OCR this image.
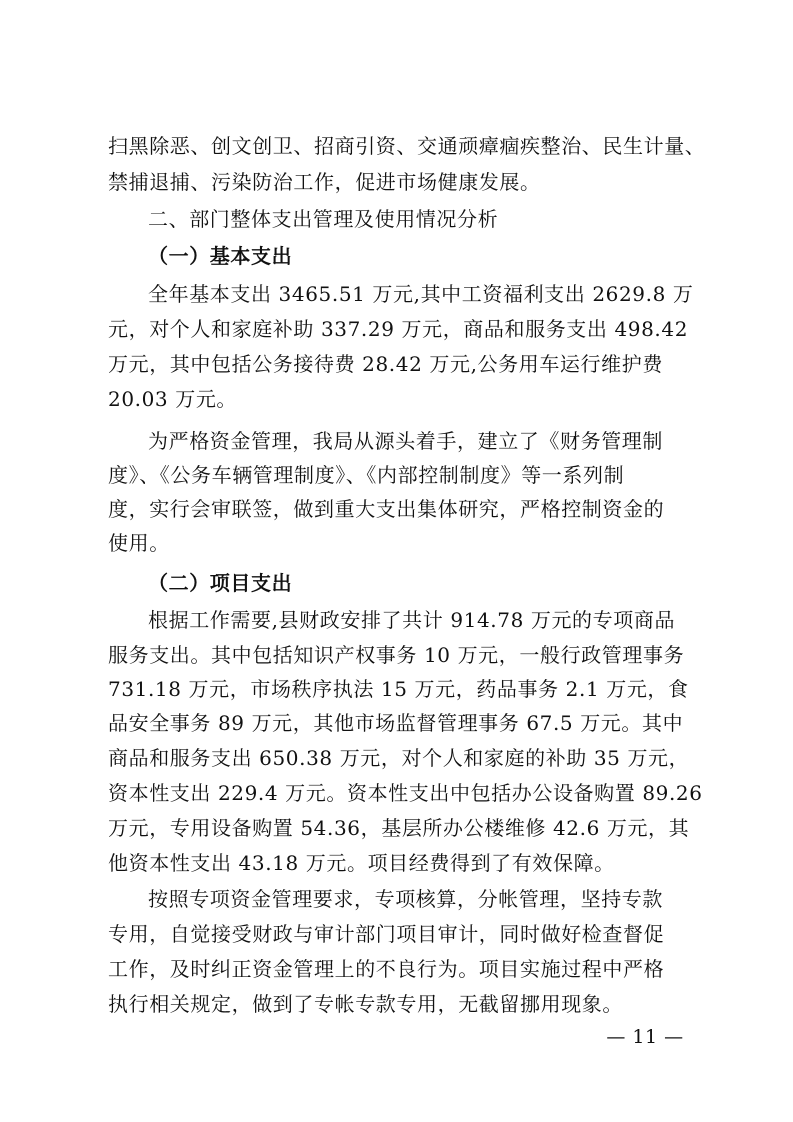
扫黑除恶、创文创卫、招商引资、交通顽瘴痼疾整治、民生计量、
禁捕退捕、污染防治工作，促进市场健康发展。
二、部门整体支出管理及使用情况分析
（一）基本支出
全年基本支出 3465.51 万元,其中工资福利支出 2629.8 万
元，对个人和家庭补助 337.29 万元，商品和服务支出 498.42
万元，其中包括公务接待费 28.42 万元,公务用车运行维护费
20.03 万元。
为严格资金管理，我局从源头着手，建立了《财务管理制
度》、《公务车辆管理制度》、《内部控制制度》等一系列制
度，实行会审联签，做到重大支出集体研究，严格控制资金的
使用。
（二）项目支出
根据工作需要,县财政安排了共计 914.78 万元的专项商品
服务支出。其中包括知识产权事务 10 万元，一般行政管理事务
731.18 万元，市场秩序执法 15 万元，药品事务 2.1 万元，食
品安全事务 89 万元，其他市场监督管理事务 67.5 万元。其中
商品和服务支出 650.38 万元，对个人和家庭的补助 35 万元，
资本性支出 229.4 万元。资本性支出中包括办公设备购置 89.26
万元，专用设备购置 54.36，基层所办公楼维修 42.6 万元，其
他资本性支出 43.18 万元。项目经费得到了有效保障。
按照专项资金管理要求，专项核算，分帐管理，坚持专款
专用，自觉接受财政与审计部门项目审计，同时做好检查督促
工作，及时纠正资金管理上的不良行为。项目实施过程中严格
执行相关规定，做到了专帐专款专用，无截留挪用现象。
— 11 —
